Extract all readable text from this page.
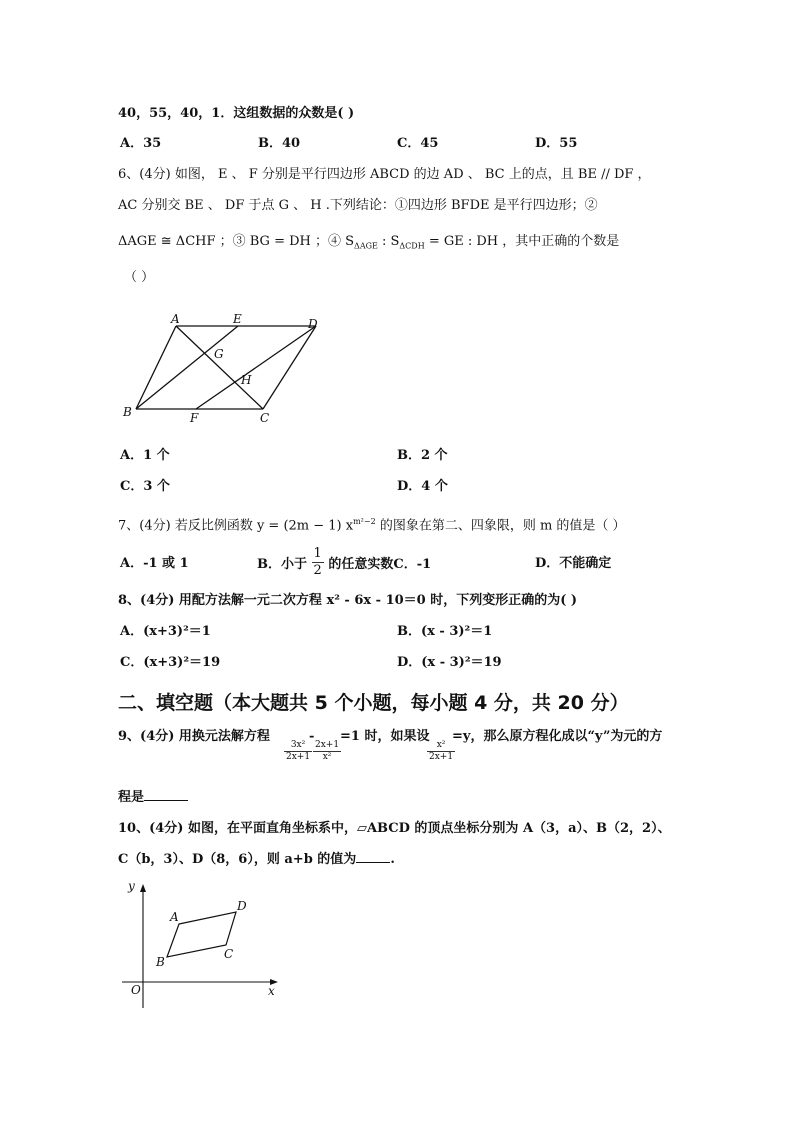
40，55，40，1．这组数据的众数是( )
A．35	B．40	C．45	D．55
6、(4分) 如图， E 、 F 分别是平行四边形 ABCD 的边 AD 、 BC 上的点，且 BE // DF ，
AC 分别交 BE 、 DF 于点 G 、 H .下列结论：①四边形 BFDE 是平行四边形；②
ΔAGE ≅ ΔCHF ；③ BG = DH ；④ $S_{\Delta AGE}$ : $S_{\Delta CDH}$ = GE : DH ，其中正确的个数是
（ ）
A	E	D
G
H
B	F	C
A．1 个	B．2 个
C．3 个	D．4 个
7、(4分) 若反比例函数 y = (2m − 1) $x^{m^2-2}$ 的图象在第二、四象限，则 m 的值是（ ）
A．-1 或 1	B．小于 $\frac{1}{2}$ 的任意实数C．-1	D．不能确定
8、(4分) 用配方法解一元二次方程 x² - 6x - 10＝0 时，下列变形正确的为( )
A．(x+3)²＝1	B．(x - 3)²＝1
C．(x+3)²＝19	D．(x - 3)²＝19
二、填空题（本大题共 5 个小题，每小题 4 分，共 20 分）
9、(4分) 用换元法解方程
$\frac{\text{3x²}}{2x+1}$
-
$\frac{2x+1}{\text{x²}}$
=1 时，如果设
$\frac{\text{x²}}{2x+1}$
=y，那么原方程化成以“y”为元的方
程是
10、(4分) 如图，在平面直角坐标系中，▱ABCD 的顶点坐标分别为 A（3，a）、B（2，2）、
C（b，3）、D（8，6），则 a+b 的值为	.
y
A
D
B
C
O	x
